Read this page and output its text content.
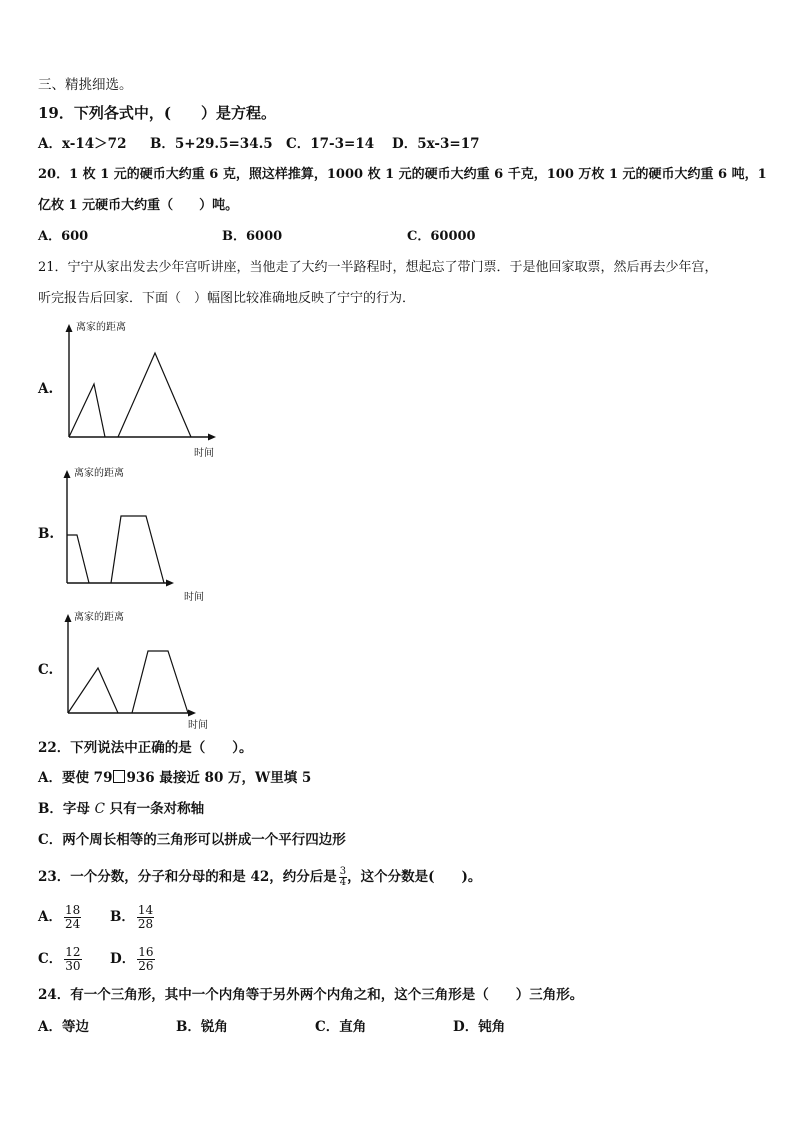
三、精挑细选。
19．下列各式中，(　　）是方程。
A．x-14＞72 B．5+29.5=34.5 C．17-3=14 D．5x-3=17
20．1 枚 1 元的硬币大约重 6 克，照这样推算，1000 枚 1 元的硬币大约重 6 千克，100 万枚 1 元的硬币大约重 6 吨，1
亿枚 1 元硬币大约重（　　）吨。
A．600	B．6000	C．60000
21．宁宁从家出发去少年宫听讲座，当他走了大约一半路程时，想起忘了带门票．于是他回家取票，然后再去少年宫，
听完报告后回家．下面（　）幅图比较准确地反映了宁宁的行为．
A.
离家的距离
时间
B.
离家的距离
时间
C.
离家的距离
时间
22．下列说法中正确的是（　　）。
A．要使 79 936 最接近 80 万，W里填 5
B．字母 C 只有一条对称轴
C．两个周长相等的三角形可以拼成一个平行四边形
23．一个分数，分子和分母的和是 42，约分后是 $\frac{3}{4}$ ，这个分数是(　　)。
A． $\frac{18}{24}$ B． $\frac{14}{28}$
C． $\frac{12}{30}$ D． $\frac{16}{26}$
24．有一个三角形，其中一个内角等于另外两个内角之和，这个三角形是（　　）三角形。
A．等边	B．锐角	C．直角	D．钝角
